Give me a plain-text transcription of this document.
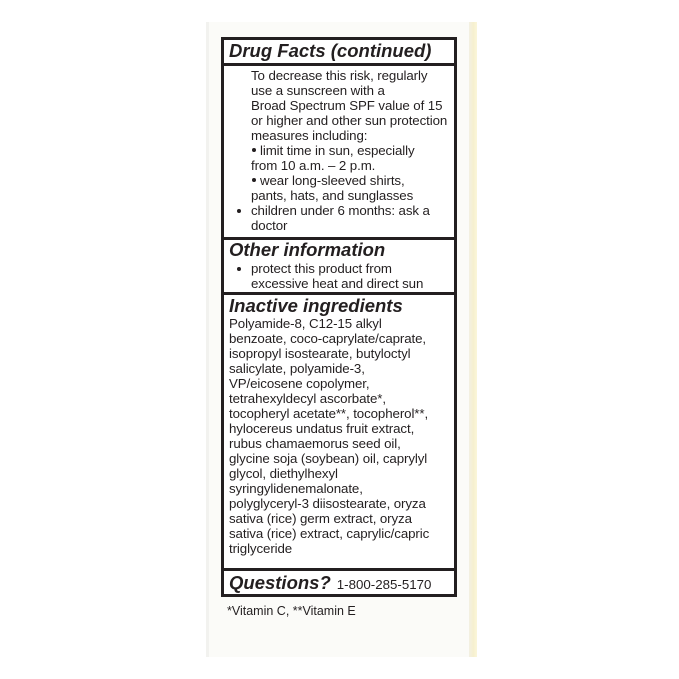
Drug Facts (continued)
To decrease this risk, regularly
use a sunscreen with a
Broad Spectrum SPF value of 15
or higher and other sun protection
measures including:
limit time in sun, especially
from 10 a.m. – 2 p.m.
wear long-sleeved shirts,
pants, hats, and sunglasses
children under 6 months: ask a
doctor
Other information
protect this product from
excessive heat and direct sun
Inactive ingredients
Polyamide-8, C12-15 alkyl
benzoate, coco-caprylate/caprate,
isopropyl isostearate, butyloctyl
salicylate, polyamide-3,
VP/eicosene copolymer,
tetrahexyldecyl ascorbate*,
tocopheryl acetate**, tocopherol**,
hylocereus undatus fruit extract,
rubus chamaemorus seed oil,
glycine soja (soybean) oil, caprylyl
glycol, diethylhexyl
syringylidenemalonate,
polyglyceryl-3 diisostearate, oryza
sativa (rice) germ extract, oryza
sativa (rice) extract, caprylic/capric
triglyceride
Questions? 1-800-285-5170
*Vitamin C, **Vitamin E
